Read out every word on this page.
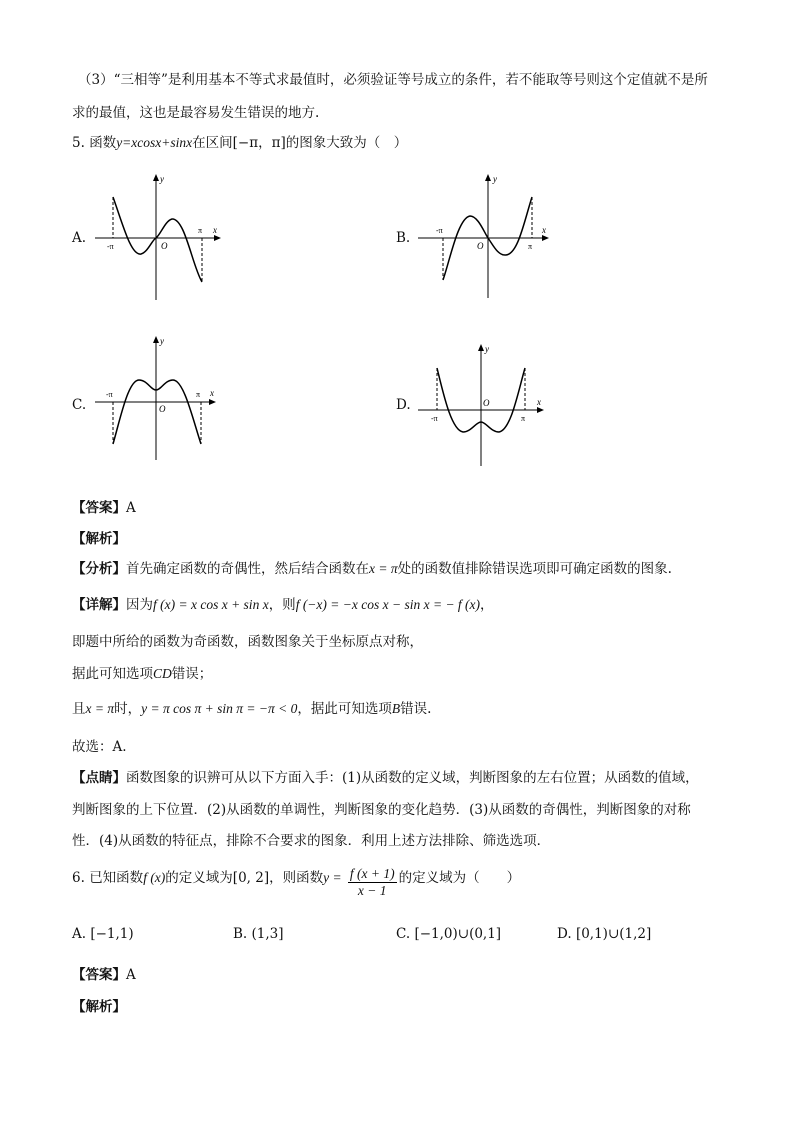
（3）“三相等”是利用基本不等式求最值时，必须验证等号成立的条件，若不能取等号则这个定值就不是所
求的最值，这也是最容易发生错误的地方.
5. 函数y=xcosx+sinx在区间[−π，π]的图象大致为（　）
A.	B.
C.	D.
y
x
O
-π
π
y
x
O
-π
π
y
x
O
-π	π
y
x
O
-π	π
【答案】A
【解析】
【分析】首先确定函数的奇偶性，然后结合函数在x = π处的函数值排除错误选项即可确定函数的图象.
【详解】因为f (x) = x cos x + sin x，则f (−x) = −x cos x − sin x = − f (x)，
即题中所给的函数为奇函数，函数图象关于坐标原点对称，
据此可知选项CD错误；
且x = π时，y = π cos π + sin π = −π < 0，据此可知选项B错误.
故选：A.
【点睛】函数图象的识辨可从以下方面入手：(1)从函数的定义域，判断图象的左右位置；从函数的值域，
判断图象的上下位置．(2)从函数的单调性，判断图象的变化趋势．(3)从函数的奇偶性，判断图象的对称
性．(4)从函数的特征点，排除不合要求的图象．利用上述方法排除、筛选选项．
6. 已知函数f (x)的定义域为[0, 2]，则函数$y = \frac{f (x + 1)}{x - 1}$ 的定义域为（　　）
A. [−1,1)	B. (1,3]	C. [−1,0)∪(0,1]	D. [0,1)∪(1,2]
【答案】A
【解析】
